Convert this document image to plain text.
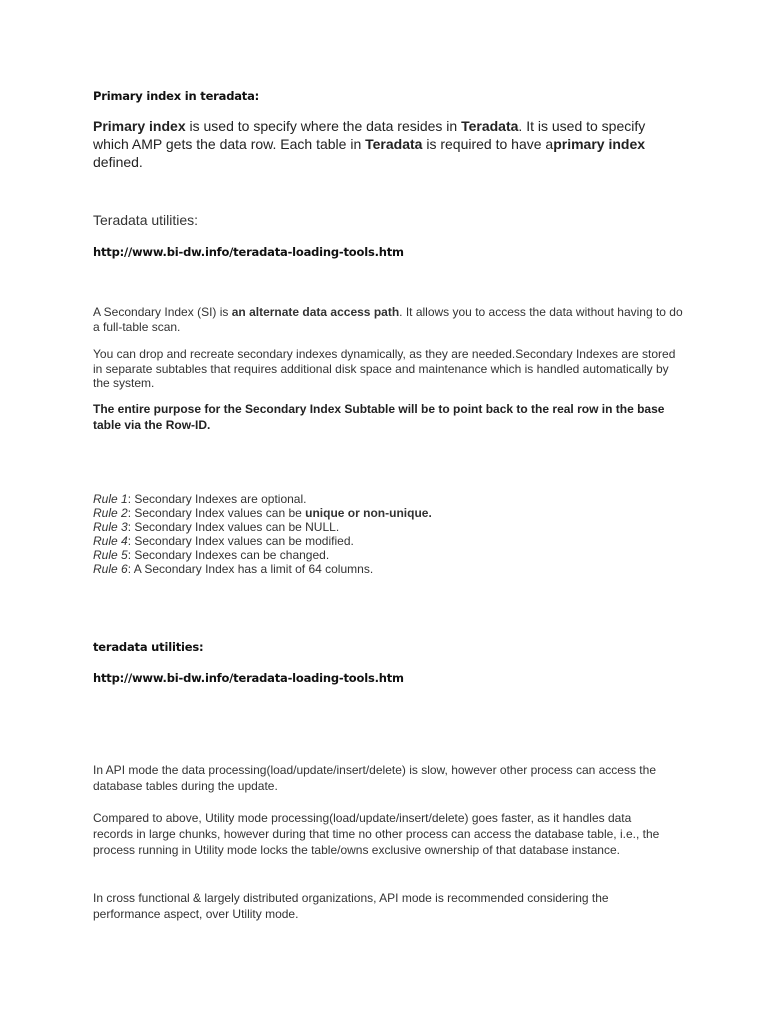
Primary index in teradata:

Primary index is used to specify where the data resides in Teradata. It is used to specify which AMP gets the data row. Each table in Teradata is required to have aprimary index defined.

Teradata utilities:

http://www.bi-dw.info/teradata-loading-tools.htm

A Secondary Index (SI) is an alternate data access path. It allows you to access the data without having to do a full-table scan.

You can drop and recreate secondary indexes dynamically, as they are needed.Secondary Indexes are stored in separate subtables that requires additional disk space and maintenance which is handled automatically by the system.

The entire purpose for the Secondary Index Subtable will be to point back to the real row in the base table via the Row-ID.

Rule 1: Secondary Indexes are optional.
Rule 2: Secondary Index values can be unique or non-unique.
Rule 3: Secondary Index values can be NULL.
Rule 4: Secondary Index values can be modified.
Rule 5: Secondary Indexes can be changed.
Rule 6: A Secondary Index has a limit of 64 columns.

teradata utilities:

http://www.bi-dw.info/teradata-loading-tools.htm

In API mode the data processing(load/update/insert/delete) is slow, however other process can access the database tables during the update.

Compared to above, Utility mode processing(load/update/insert/delete) goes faster, as it handles data records in large chunks, however during that time no other process can access the database table, i.e., the process running in Utility mode locks the table/owns exclusive ownership of that database instance.

In cross functional & largely distributed organizations, API mode is recommended considering the performance aspect, over Utility mode.
